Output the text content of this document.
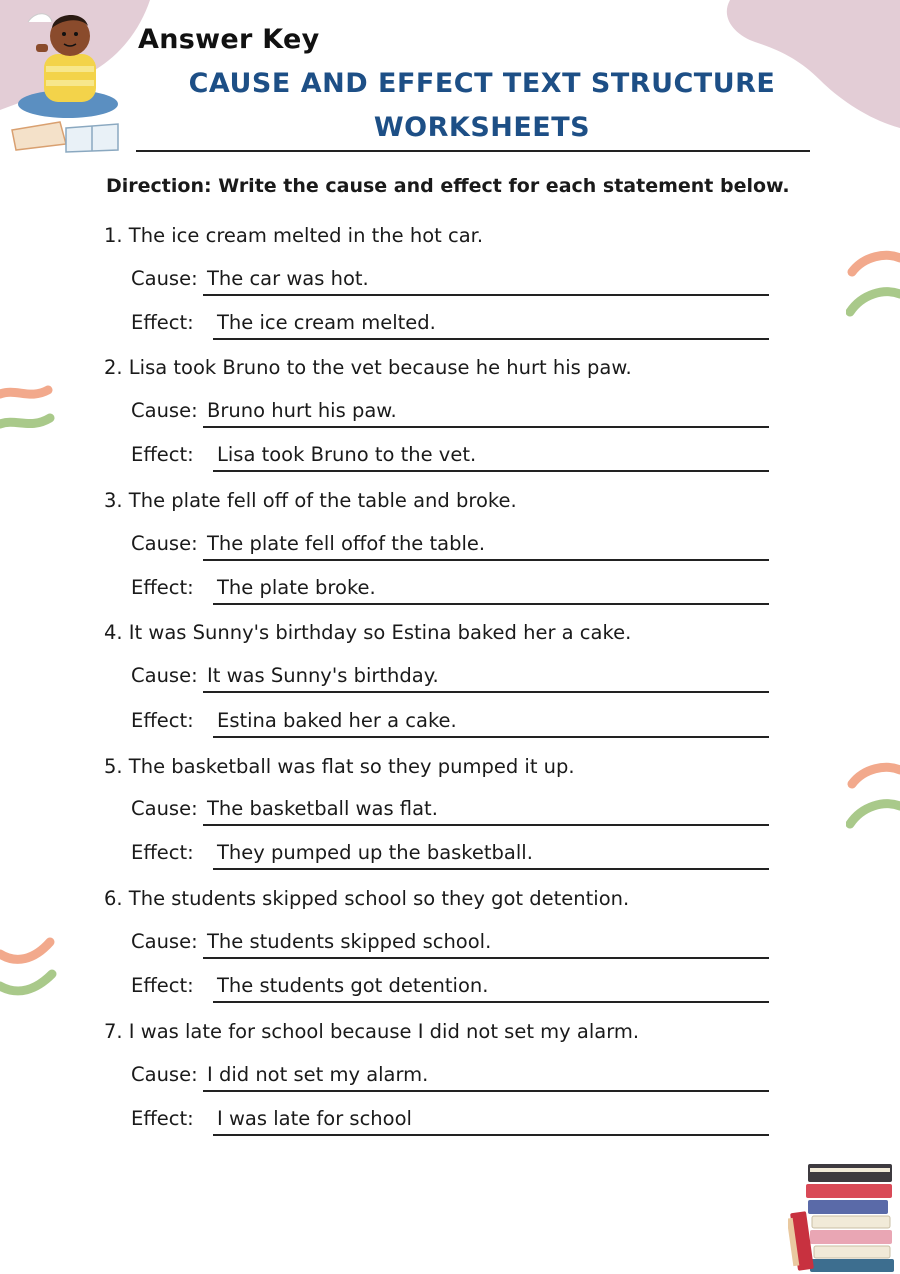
Answer Key
CAUSE AND EFFECT TEXT STRUCTURE
WORKSHEETS
Direction: Write the cause and effect for each statement below.
1. The ice cream melted in the hot car.
Cause: The car was hot.
Effect: The ice cream melted.
2. Lisa took Bruno to the vet because he hurt his paw.
Cause: Bruno hurt his paw.
Effect: Lisa took Bruno to the vet.
3. The plate fell off of the table and broke.
Cause: The plate fell offof the table.
Effect: The plate broke.
4. It was Sunny's birthday so Estina baked her a cake.
Cause: It was Sunny's birthday.
Effect: Estina baked her a cake.
5. The basketball was flat so they pumped it up.
Cause: The basketball was flat.
Effect: They pumped up the basketball.
6. The students skipped school so they got detention.
Cause: The students skipped school.
Effect: The students got detention.
7. I was late for school because I did not set my alarm.
Cause: I did not set my alarm.
Effect: I was late for school
